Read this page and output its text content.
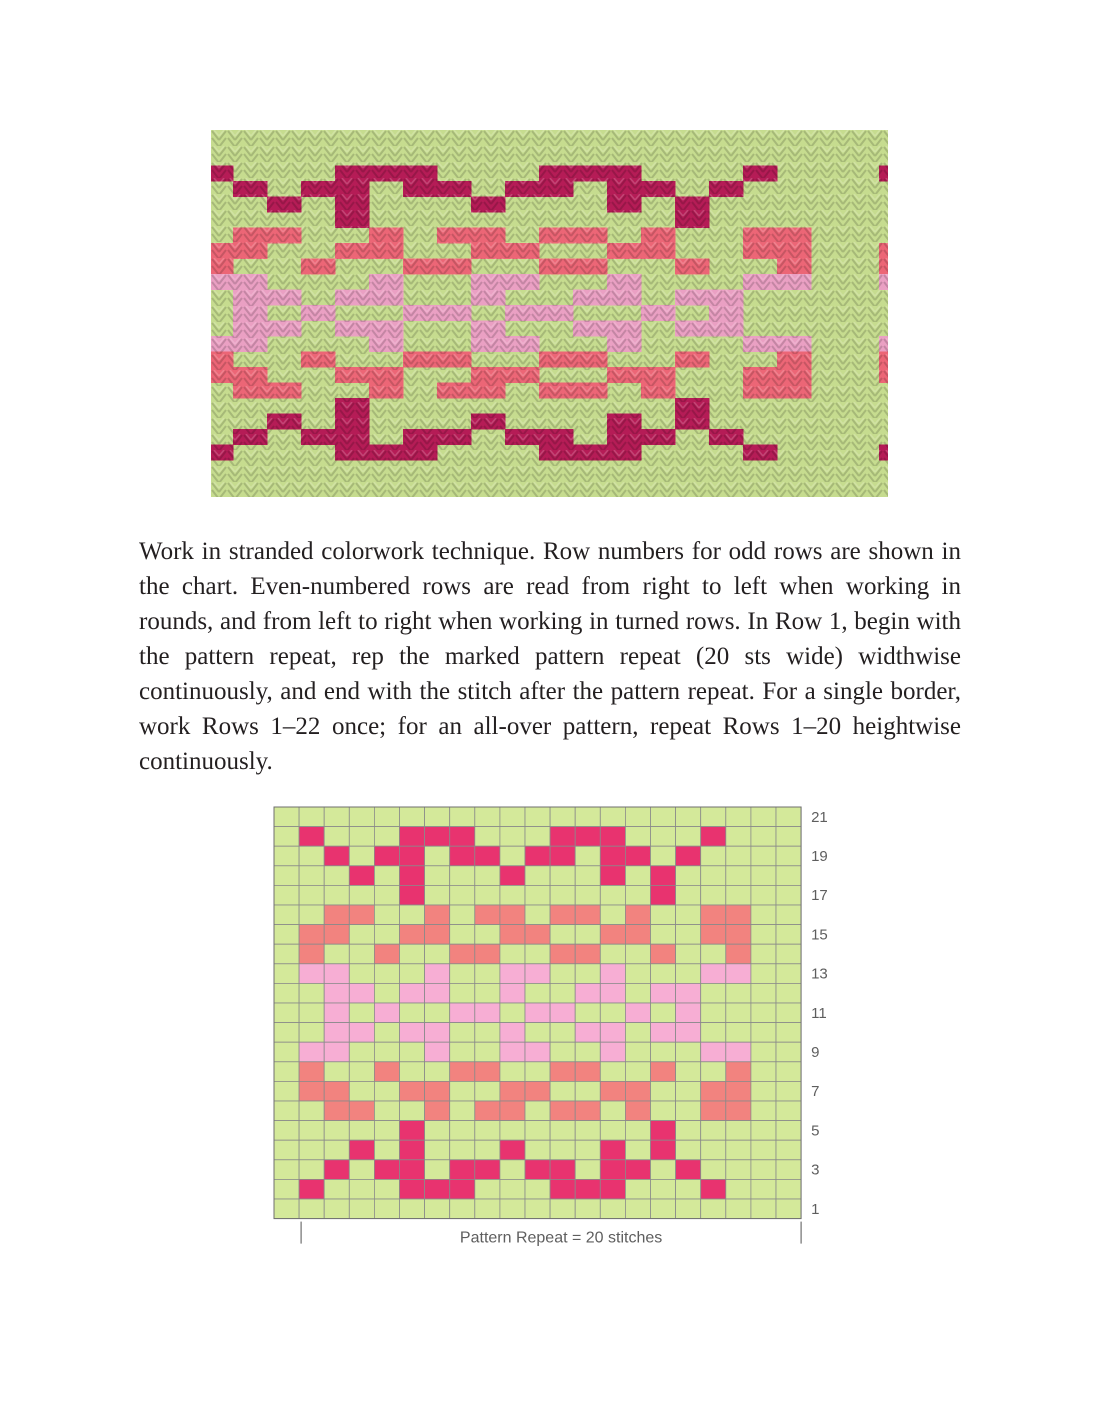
Work in stranded colorwork technique. Row numbers for odd rows are shown in the chart. Even-numbered rows are read from right to left when working in rounds, and from left to right when working in turned rows. In Row 1, begin with the pattern repeat, rep the marked pattern repeat (20 sts wide) widthwise continuously, and end with the stitch after the pattern repeat. For a single border, work Rows 1–22 once; for an all-over pattern, repeat Rows 1–20 heightwise continuously.

21
19
17
15
13
11
9
7
5
3
1
Pattern Repeat = 20 stitches
